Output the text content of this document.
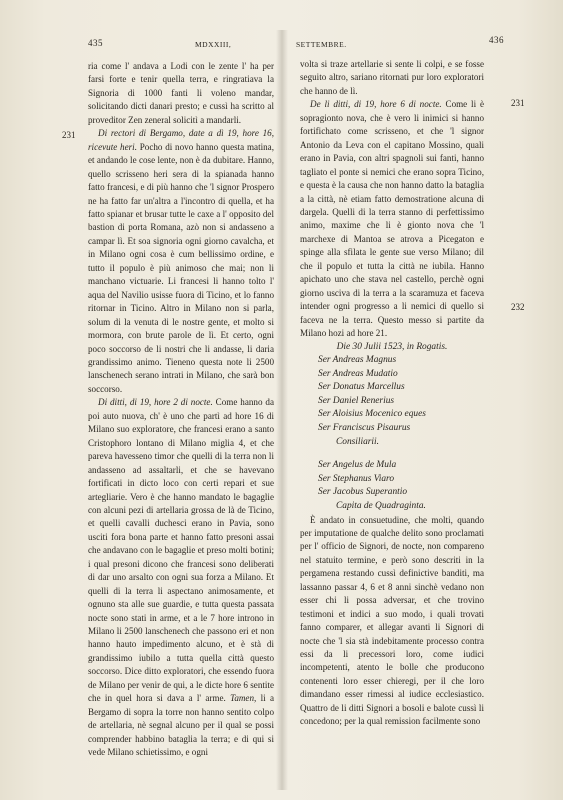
435	MDXXIII,	SETTEMBRE.	436
231
231
232

ria come l' andava a Lodi con le zente l' ha per farsi forte e tenir quella terra, e ringratiava la Signoria di 1000 fanti li voleno mandar, solicitando dicti danari presto; e cussì ha scritto al proveditor Zen zeneral solicitì a mandarli.

Di rectori di Bergamo, date a dì 19, hore 16, ricevute heri. Pocho di novo hanno questa matina, et andando le cose lente, non è da dubitare. Hanno, quello scrisseno heri sera di la spianada hanno fatto francesi, e di più hanno che 'l signor Prospero ne ha fatto far un'altra a l'incontro di quella, et ha fatto spianar et brusar tutte le caxe a l' opposito del bastion di porta Romana, azò non si andasseno a campar lì. Et soa signoria ogni giorno cavalcha, et in Milano ogni cosa è cum bellissimo ordine, e tutto il populo è più animoso che mai; non li manchano victuarie. Li francesi li hanno tolto l' aqua del Navilio usisse fuora di Ticino, et lo fanno ritornar in Ticino. Altro in Milano non si parla, solum di la venuta di le nostre gente, et molto si mormora, con brute parole de lì. Et certo, ogni poco soccorso de li nostri che li andasse, li daria grandissimo animo. Tieneno questa note li 2500 lanschenech serano intrati in Milano, che sarà bon soccorso.

Di ditti, di 19, hore 2 di nocte. Come hanno da poi auto nuova, ch' è uno che partì ad hore 16 di Milano suo exploratore, che francesi erano a santo Cristophoro lontano di Milano miglia 4, et che pareva havesseno timor che quelli di la terra non li andasseno ad assaltarli, et che se havevano fortificati in dicto loco con certi repari et sue artegliarie. Vero è che hanno mandato le bagaglie con alcuni pezi di artellaria grossa de là de Ticino, et quelli cavalli duchesci erano in Pavia, sono usciti fora bona parte et hanno fatto presoni assai che andavano con le bagaglie et preso molti botini; i qual presoni dicono che francesi sono deliberati di dar uno arsalto con ogni sua forza a Milano. Et quelli di la terra li aspectano animosamente, et ognuno sta alle sue guardie, e tutta questa passata nocte sono stati in arme, et a le 7 hore introno in Milano li 2500 lanschenech che passono eri et non hanno hauto impedimento alcuno, et è stà di grandissimo iubilo a tutta quella città questo soccorso. Dice ditto exploratori, che essendo fuora de Milano per venir de qui, a le dicte hore 6 sentite che in quel hora si dava a l' arme. Tamen, li a Bergamo di sopra la torre non hanno sentito colpo de artellaria, nè segnal alcuno per il qual se possi comprender habbino bataglia la terra; e di qui si vede Milano schietissimo, e ogni

volta si traze artellarie si sente li colpi, e se fosse seguito altro, sariano ritornati pur loro exploratori che hanno de lì.

De li ditti, di 19, hore 6 di nocte. Come li è sopragionto nova, che è vero li inimici si hanno fortifichato come scrisseno, et che 'l signor Antonio da Leva con el capitano Mossino, quali erano in Pavia, con altri spagnoli sui fanti, hanno tagliato el ponte si nemici che erano sopra Ticino, e questa è la causa che non hanno datto la bataglia a la città, nè etiam fatto demostratione alcuna di dargela. Quelli di la terra stanno di perfettissimo animo, maxime che li è gionto nova che 'l marchexe di Mantoa se atrova a Picegaton e spinge alla sfilata le gente sue verso Milano; dil che il populo et tutta la città ne iubila. Hanno apichato uno che stava nel castello, perchè ogni giorno usciva di la terra a la scaramuza et faceva intender ogni progresso a li nemici di quello si faceva ne la terra. Questo messo si partite da Milano hozi ad hore 21.

Die 30 Julii 1523, in Rogatis.

Ser Andreas Magnus
Ser Andreas Mudatio
Ser Donatus Marcellus
Ser Daniel Renerius
Ser Aloisius Mocenico eques
Ser Franciscus Pisaurus
Consiliarii.
Ser Angelus de Mula
Ser Stephanus Viaro
Ser Jacobus Superantio
Capita de Quadraginta.

È andato in consuetudine, che molti, quando per imputatione de qualche delito sono proclamati per l' officio de Signori, de nocte, non compareno nel statuito termine, e però sono descriti in la pergamena restando cussì definictive banditi, ma lassanno passar 4, 6 et 8 anni sinchè vedano non esser chi li possa adversar, et che trovino testimoni et indici a suo modo, i quali trovati fanno comparer, et allegar avanti li Signori di nocte che 'l sia stà indebitamente processo contra essi da li precessori loro, come iudici incompetenti, atento le bolle che producono contenenti loro esser chieregi, per il che loro dimandano esser rimessi al iudice ecclesiastico. Quattro de li ditti Signori a bosoli e balote cussì li concedono; per la qual remission facilmente sono
